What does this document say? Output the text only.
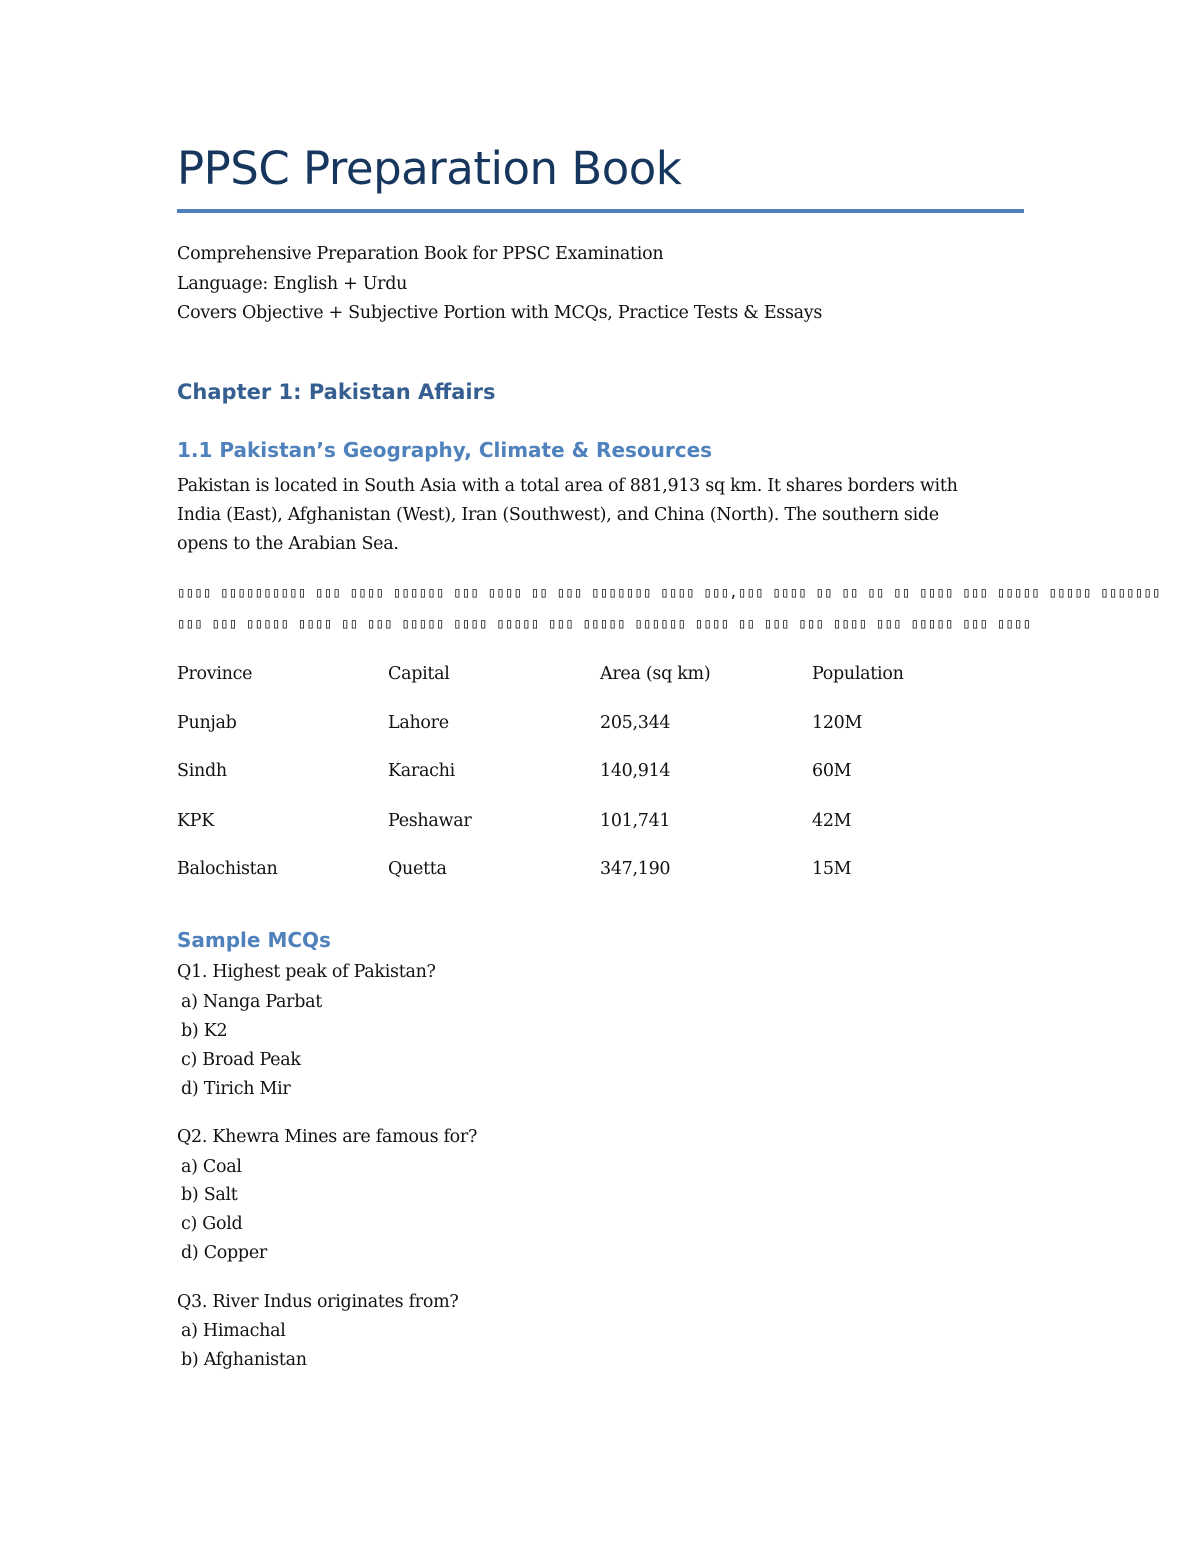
PPSC Preparation Book
Comprehensive Preparation Book for PPSC Examination
Language: English + Urdu
Covers Objective + Subjective Portion with MCQs, Practice Tests & Essays
Chapter 1: Pakistan Affairs
1.1 Pakistan’s Geography, Climate & Resources
Pakistan is located in South Asia with a total area of 881,913 sq km. It shares borders with
India (East), Afghanistan (West), Iran (Southwest), and China (North). The southern side
opens to the Arabian Sea.
▯▯▯▯ ▯▯▯▯▯▯▯▯▯▯ ▯▯▯ ▯▯▯▯ ▯▯▯▯▯▯ ▯▯▯ ▯▯▯▯ ▯▯ ▯▯▯ ▯▯▯▯▯▯▯ ▯▯▯▯ ▯▯▯,▯▯▯ ▯▯▯▯ ▯▯ ▯▯ ▯▯ ▯▯ ▯▯▯▯ ▯▯▯ ▯▯▯▯▯ ▯▯▯▯▯ ▯▯▯▯▯▯▯
▯▯▯ ▯▯▯ ▯▯▯▯▯ ▯▯▯▯ ▯▯ ▯▯▯ ▯▯▯▯▯ ▯▯▯▯ ▯▯▯▯▯ ▯▯▯ ▯▯▯▯▯ ▯▯▯▯▯▯ ▯▯▯▯ ▯▯ ▯▯▯ ▯▯▯ ▯▯▯▯ ▯▯▯ ▯▯▯▯▯ ▯▯▯ ▯▯▯▯
Province	Capital	Area (sq km)	Population
Punjab	Lahore	205,344	120M
Sindh	Karachi	140,914	60M
KPK	Peshawar	101,741	42M
Balochistan	Quetta	347,190	15M
Sample MCQs
Q1. Highest peak of Pakistan?
a) Nanga Parbat
b) K2
c) Broad Peak
d) Tirich Mir
Q2. Khewra Mines are famous for?
a) Coal
b) Salt
c) Gold
d) Copper
Q3. River Indus originates from?
a) Himachal
b) Afghanistan
